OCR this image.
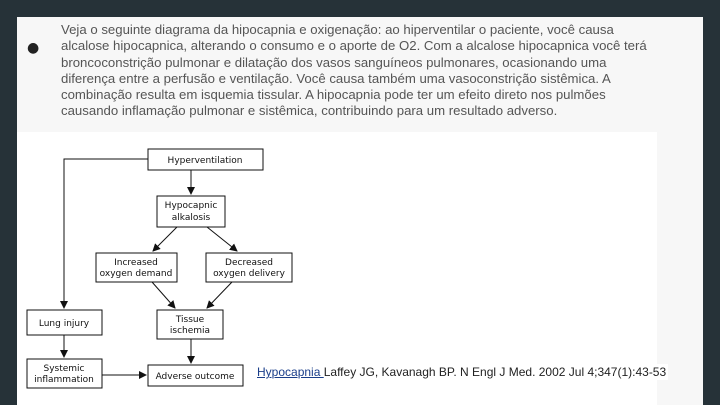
●
Veja o seguinte diagrama da hipocapnia e oxigenação: ao hiperventilar o paciente, você causa alcalose hipocapnica, alterando o consumo e o aporte de O2. Com a alcalose hipocapnica você terá broncoconstrição pulmonar e dilatação dos vasos sanguíneos pulmonares, ocasionando uma diferença entre a perfusão e ventilação. Você causa também uma vasoconstrição sistêmica. A combinação resulta em isquemia tissular. A hipocapnia pode ter um efeito direto nos pulmões causando inflamação pulmonar e sistêmica, contribuindo para um resultado adverso.
Hyperventilation
Hypocapnic
alkalosis
Increased
oxygen demand
Decreased
oxygen delivery
Lung injury	Tissue
ischemia
Systemic
inflammation	Adverse outcome Hypocapnia Laffey JG, Kavanagh BP. N Engl J Med. 2002 Jul 4;347(1):43-53
